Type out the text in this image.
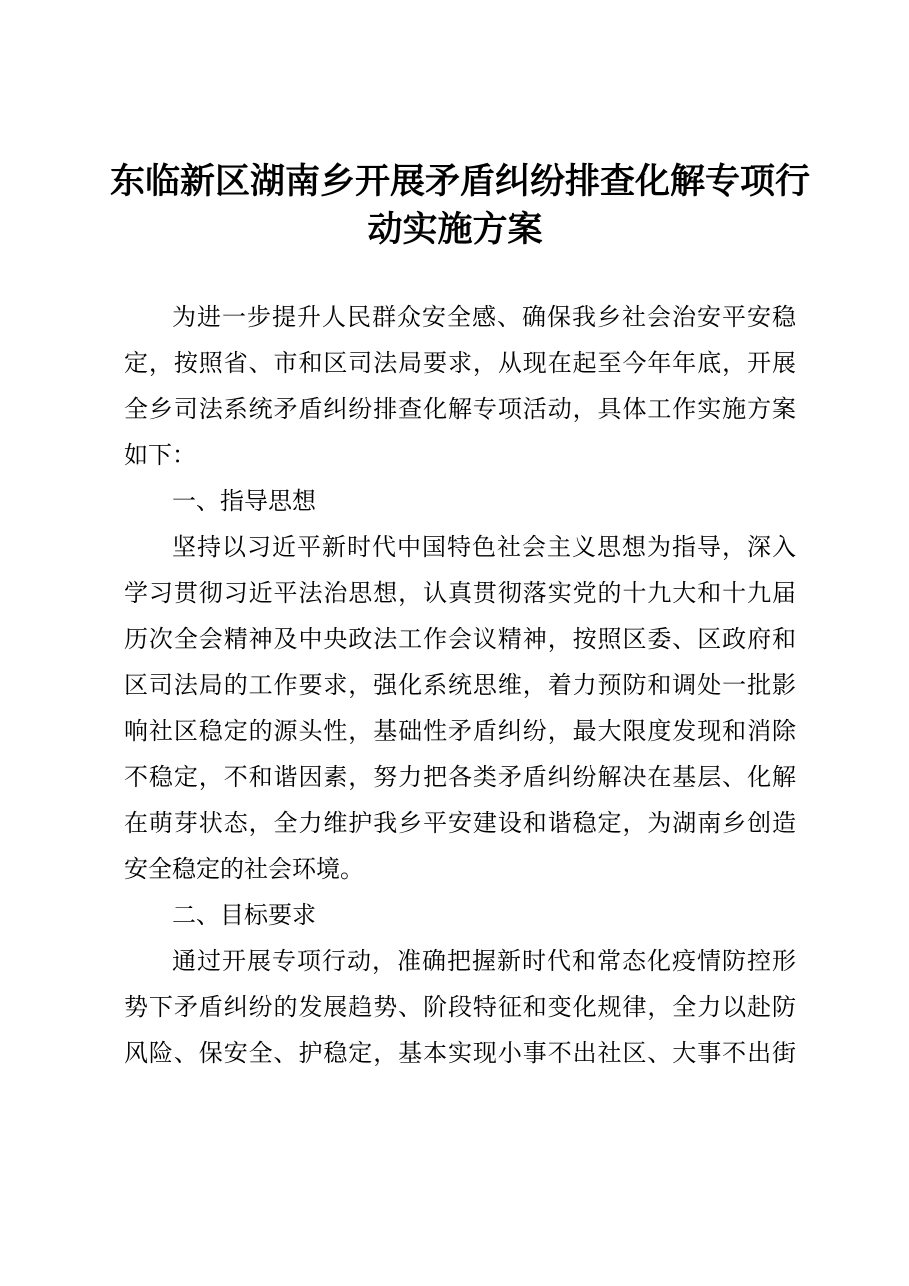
东临新区湖南乡开展矛盾纠纷排查化解专项行
动实施方案
为进一步提升人民群众安全感、确保我乡社会治安平安稳
定，按照省、市和区司法局要求，从现在起至今年年底，开展
全乡司法系统矛盾纠纷排查化解专项活动，具体工作实施方案
如下：
一、指导思想
坚持以习近平新时代中国特色社会主义思想为指导，深入
学习贯彻习近平法治思想，认真贯彻落实党的十九大和十九届
历次全会精神及中央政法工作会议精神，按照区委、区政府和
区司法局的工作要求，强化系统思维，着力预防和调处一批影
响社区稳定的源头性，基础性矛盾纠纷，最大限度发现和消除
不稳定，不和谐因素，努力把各类矛盾纠纷解决在基层、化解
在萌芽状态，全力维护我乡平安建设和谐稳定，为湖南乡创造
安全稳定的社会环境。
二、目标要求
通过开展专项行动，准确把握新时代和常态化疫情防控形
势下矛盾纠纷的发展趋势、阶段特征和变化规律，全力以赴防
风险、保安全、护稳定，基本实现小事不出社区、大事不出街
